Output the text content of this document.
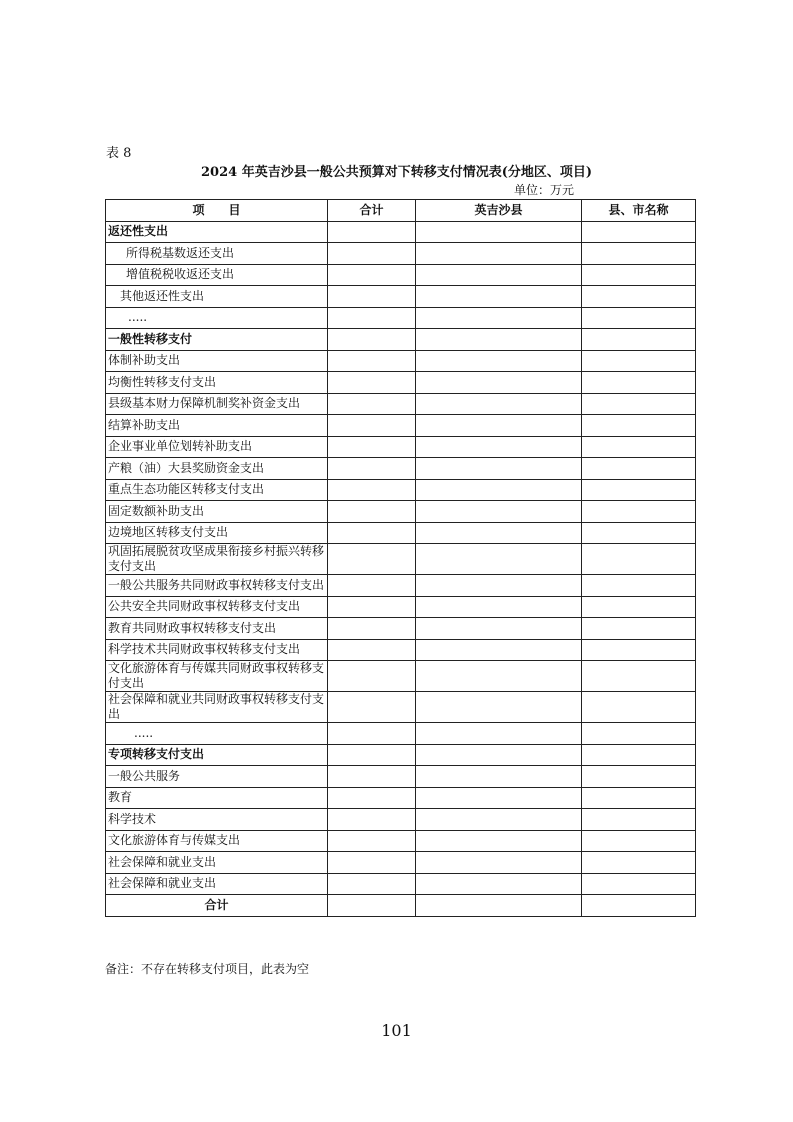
表 8
2024 年英吉沙县一般公共预算对下转移支付情况表(分地区、项目)
单位：万元
项　　目	合计	英吉沙县	县、市名称
返还性支出			
所得税基数返还支出			
增值税税收返还支出			
其他返还性支出			
.....			
一般性转移支付			
体制补助支出			
均衡性转移支付支出			
县级基本财力保障机制奖补资金支出			
结算补助支出			
企业事业单位划转补助支出			
产粮（油）大县奖励资金支出			
重点生态功能区转移支付支出			
固定数额补助支出			
边境地区转移支付支出			
巩固拓展脱贫攻坚成果衔接乡村振兴转移支付支出			
一般公共服务共同财政事权转移支付支出			
公共安全共同财政事权转移支付支出			
教育共同财政事权转移支付支出			
科学技术共同财政事权转移支付支出			
文化旅游体育与传媒共同财政事权转移支付支出			
社会保障和就业共同财政事权转移支付支出			
.....			
专项转移支付支出			
一般公共服务			
教育			
科学技术			
文化旅游体育与传媒支出			
社会保障和就业支出			
社会保障和就业支出			
合计			
备注：不存在转移支付项目，此表为空
101
